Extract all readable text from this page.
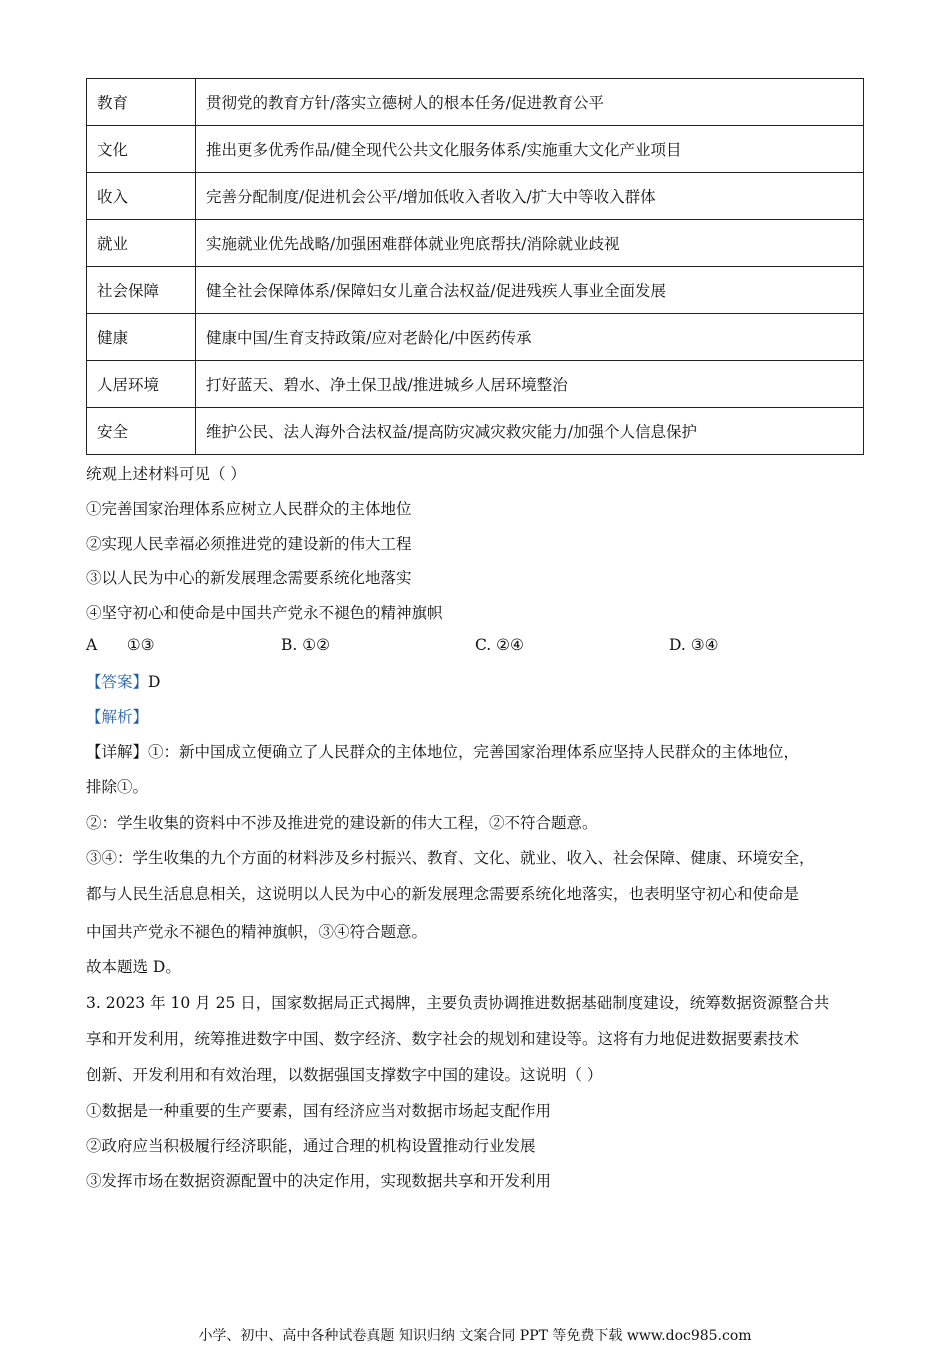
教育	贯彻党的教育方针/落实立德树人的根本任务/促进教育公平
文化	推出更多优秀作品/健全现代公共文化服务体系/实施重大文化产业项目
收入	完善分配制度/促进机会公平/增加低收入者收入/扩大中等收入群体
就业	实施就业优先战略/加强困难群体就业兜底帮扶/消除就业歧视
社会保障	健全社会保障体系/保障妇女儿童合法权益/促进残疾人事业全面发展
健康	健康中国/生育支持政策/应对老龄化/中医药传承
人居环境	打好蓝天、碧水、净土保卫战/推进城乡人居环境整治
安全	维护公民、法人海外合法权益/提高防灾减灾救灾能力/加强个人信息保护
统观上述材料可见（ ）
①完善国家治理体系应树立人民群众的主体地位
②实现人民幸福必须推进党的建设新的伟大工程
③以人民为中心的新发展理念需要系统化地落实
④坚守初心和使命是中国共产党永不褪色的精神旗帜
A      ①③	B. ①②	C. ②④	D. ③④
【答案】D
【解析】
【详解】①：新中国成立便确立了人民群众的主体地位，完善国家治理体系应坚持人民群众的主体地位，
排除①。
②：学生收集的资料中不涉及推进党的建设新的伟大工程，②不符合题意。
③④：学生收集的九个方面的材料涉及乡村振兴、教育、文化、就业、收入、社会保障、健康、环境安全，
都与人民生活息息相关，这说明以人民为中心的新发展理念需要系统化地落实，也表明坚守初心和使命是
中国共产党永不褪色的精神旗帜，③④符合题意。
故本题选 D。
3. 2023 年 10 月 25 日，国家数据局正式揭牌，主要负责协调推进数据基础制度建设，统筹数据资源整合共
享和开发利用，统筹推进数字中国、数字经济、数字社会的规划和建设等。这将有力地促进数据要素技术
创新、开发利用和有效治理，以数据强国支撑数字中国的建设。这说明（ ）
①数据是一种重要的生产要素，国有经济应当对数据市场起支配作用
②政府应当积极履行经济职能，通过合理的机构设置推动行业发展
③发挥市场在数据资源配置中的决定作用，实现数据共享和开发利用
小学、初中、高中各种试卷真题 知识归纳 文案合同 PPT 等免费下载 www.doc985.com
